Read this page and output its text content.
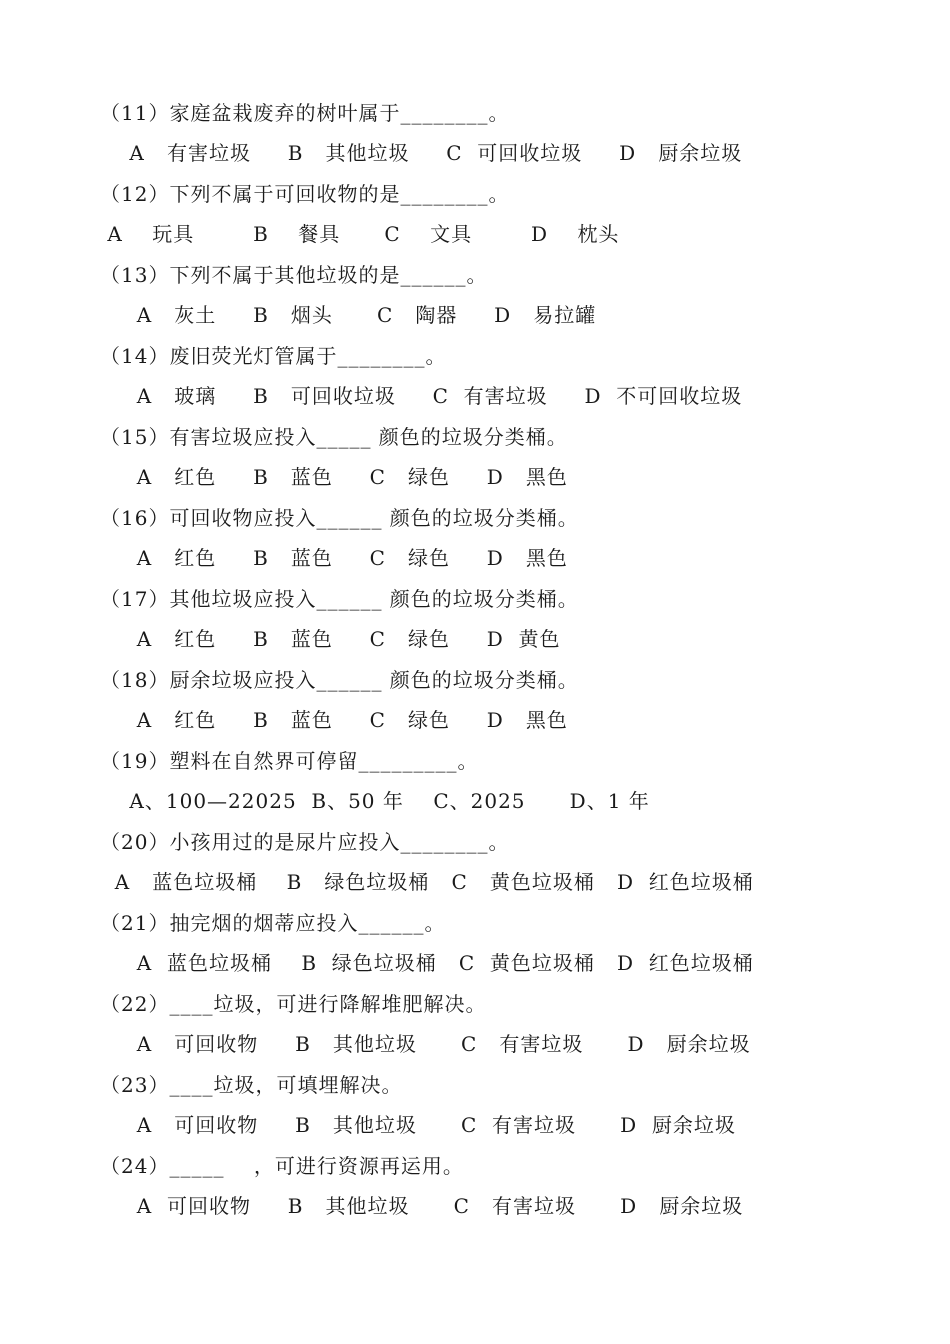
（11）家庭盆栽废弃的树叶属于________。
A   有害垃圾     B   其他垃圾     C  可回收垃圾     D   厨余垃圾
（12）下列不属于可回收物的是________。
A    玩具        B    餐具      C    文具        D    枕头
（13）下列不属于其他垃圾的是______。
A   灰土     B   烟头      C   陶器     D   易拉罐
（14）废旧荧光灯管属于________。
A   玻璃     B   可回收垃圾     C  有害垃圾     D  不可回收垃圾
（15）有害垃圾应投入_____ 颜色的垃圾分类桶。
A   红色     B   蓝色     C   绿色     D   黑色
（16）可回收物应投入______ 颜色的垃圾分类桶。
A   红色     B   蓝色     C   绿色     D   黑色
（17）其他垃圾应投入______ 颜色的垃圾分类桶。
A   红色     B   蓝色     C   绿色     D  黄色
（18）厨余垃圾应投入______ 颜色的垃圾分类桶。
A   红色     B   蓝色     C   绿色     D   黑色
（19）塑料在自然界可停留_________。
A、100—22025  B、50 年    C、2025      D、1 年
（20）小孩用过的是尿片应投入________。
A   蓝色垃圾桶    B   绿色垃圾桶   C   黄色垃圾桶   D  红色垃圾桶
（21）抽完烟的烟蒂应投入______。
A  蓝色垃圾桶    B  绿色垃圾桶   C  黄色垃圾桶   D  红色垃圾桶
（22）____垃圾，可进行降解堆肥解决。
A   可回收物     B   其他垃圾      C   有害垃圾      D   厨余垃圾
（23）____垃圾，可填埋解决。
A   可回收物     B   其他垃圾      C  有害垃圾      D  厨余垃圾
（24）_____    ，可进行资源再运用。
A  可回收物     B   其他垃圾      C   有害垃圾      D   厨余垃圾
